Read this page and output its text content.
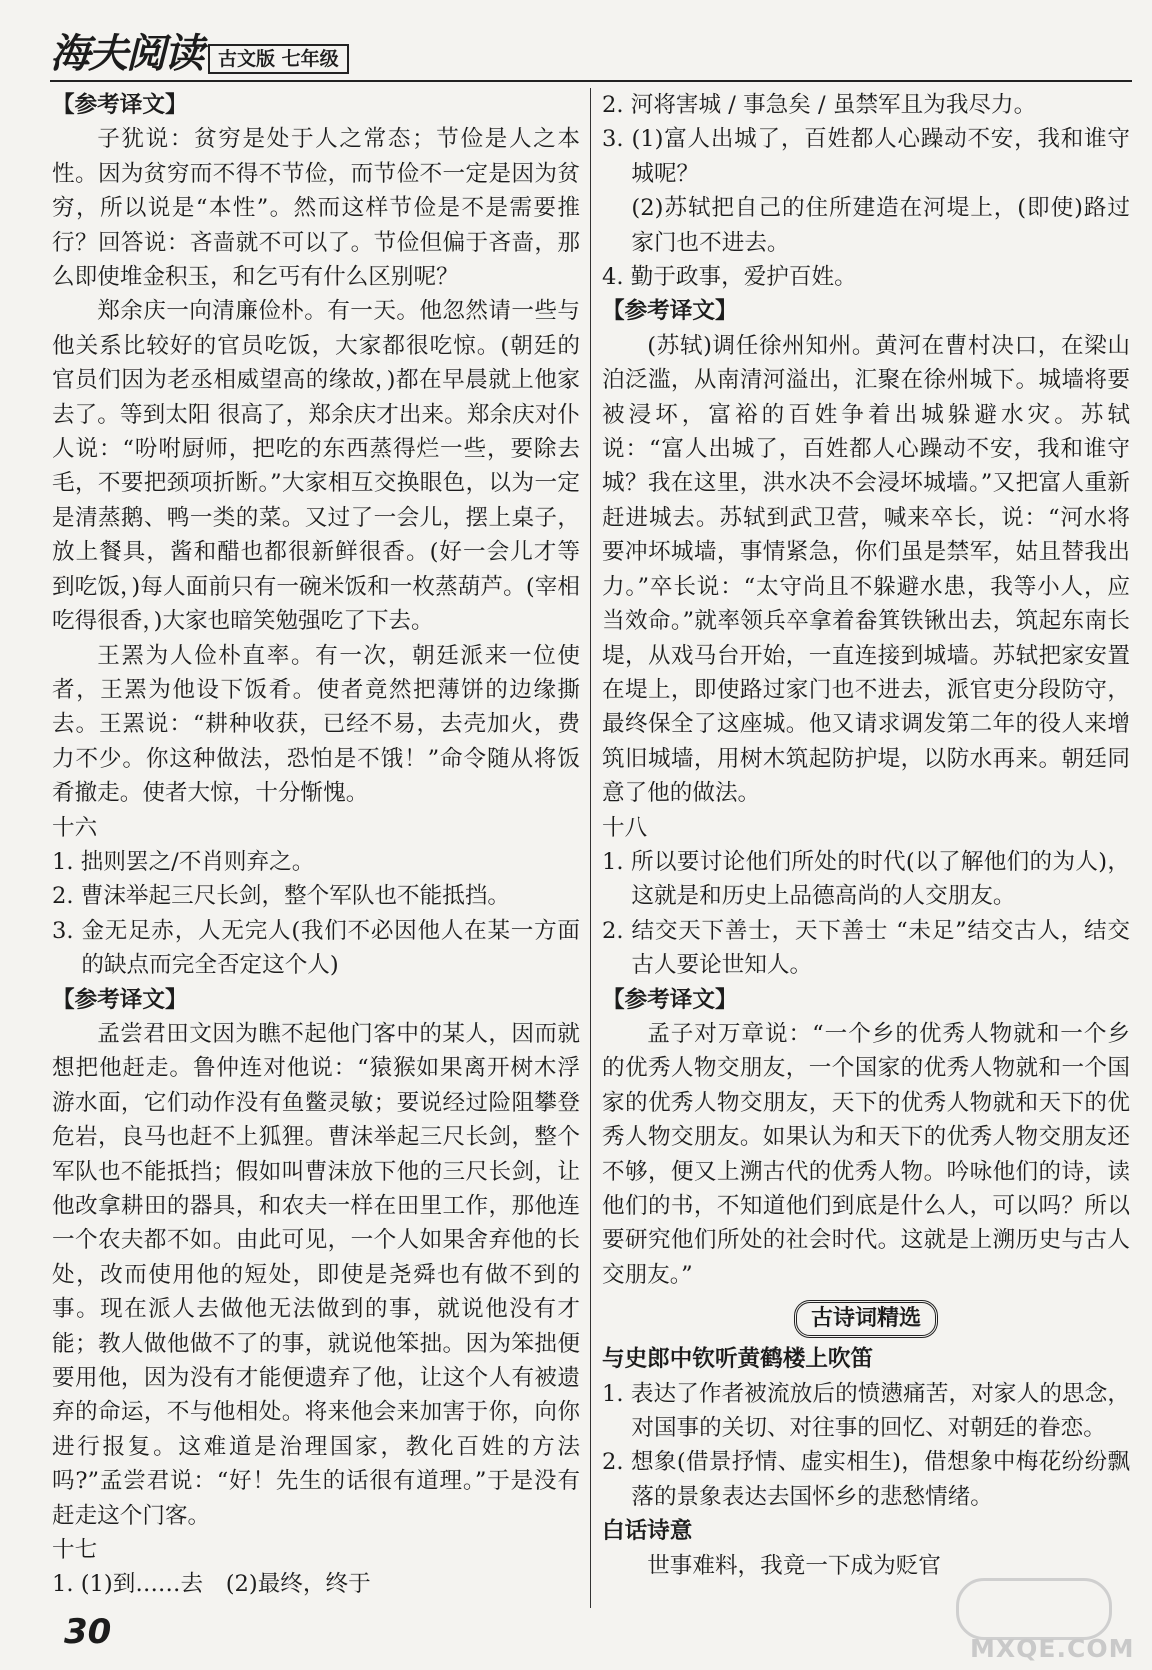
海夫阅读 古文版 七年级

【参考译文】

子犹说：贫穷是处于人之常态；节俭是人之本性。因为贫穷而不得不节俭，而节俭不一定是因为贫穷，所以说是“本性”。然而这样节俭是不是需要推行？回答说：吝啬就不可以了。节俭但偏于吝啬，那么即使堆金积玉，和乞丐有什么区别呢？

郑余庆一向清廉俭朴。有一天。他忽然请一些与他关系比较好的官员吃饭，大家都很吃惊。(朝廷的官员们因为老丞相威望高的缘故，)都在早晨就上他家去了。等到太阳 很高了，郑余庆才出来。郑余庆对仆人说：“吩咐厨师，把吃的东西蒸得烂一些，要除去毛，不要把颈项折断。”大家相互交换眼色，以为一定是清蒸鹅、鸭一类的菜。又过了一会儿，摆上桌子，放上餐具，酱和醋也都很新鲜很香。(好一会儿才等到吃饭，)每人面前只有一碗米饭和一枚蒸葫芦。(宰相吃得很香，)大家也暗笑勉强吃了下去。

王罴为人俭朴直率。有一次，朝廷派来一位使者，王罴为他设下饭肴。使者竟然把薄饼的边缘撕去。王罴说：“耕种收获，已经不易，去壳加火，费力不少。你这种做法，恐怕是不饿！”命令随从将饭肴撤走。使者大惊，十分惭愧。

十六

1. 拙则罢之/不肖则弃之。

2. 曹沫举起三尺长剑，整个军队也不能抵挡。

3. 金无足赤，人无完人(我们不必因他人在某一方面的缺点而完全否定这个人)

【参考译文】

孟尝君田文因为瞧不起他门客中的某人，因而就想把他赶走。鲁仲连对他说：“猿猴如果离开树木浮游水面，它们动作没有鱼鳖灵敏；要说经过险阻攀登危岩，良马也赶不上狐狸。曹沫举起三尺长剑，整个军队也不能抵挡；假如叫曹沫放下他的三尺长剑，让他改拿耕田的器具，和农夫一样在田里工作，那他连一个农夫都不如。由此可见，一个人如果舍弃他的长处，改而使用他的短处，即使是尧舜也有做不到的事。现在派人去做他无法做到的事，就说他没有才能；教人做他做不了的事，就说他笨拙。因为笨拙便要用他，因为没有才能便遗弃了他，让这个人有被遗弃的命运，不与他相处。将来他会来加害于你，向你进行报复。这难道是治理国家，教化百姓的方法吗?”孟尝君说：“好！先生的话很有道理。”于是没有赶走这个门客。

十七

1. (1)到……去　(2)最终，终于

2. 河将害城 / 事急矣 / 虽禁军且为我尽力。

3. (1)富人出城了，百姓都人心躁动不安，我和谁守城呢？

(2)苏轼把自己的住所建造在河堤上，(即使)路过家门也不进去。

4. 勤于政事，爱护百姓。

【参考译文】

(苏轼)调任徐州知州。黄河在曹村决口，在梁山泊泛滥，从南清河溢出，汇聚在徐州城下。城墙将要被浸坏，富裕的百姓争着出城躲避水灾。苏轼说：“富人出城了，百姓都人心躁动不安，我和谁守城？我在这里，洪水决不会浸坏城墙。”又把富人重新赶进城去。苏轼到武卫营，喊来卒长，说：“河水将要冲坏城墙，事情紧急，你们虽是禁军，姑且替我出力。”卒长说：“太守尚且不躲避水患，我等小人，应当效命。”就率领兵卒拿着畚箕铁锹出去，筑起东南长堤，从戏马台开始，一直连接到城墙。苏轼把家安置在堤上，即使路过家门也不进去，派官吏分段防守，最终保全了这座城。他又请求调发第二年的役人来增筑旧城墙，用树木筑起防护堤，以防水再来。朝廷同意了他的做法。

十八

1. 所以要讨论他们所处的时代(以了解他们的为人)，这就是和历史上品德高尚的人交朋友。

2. 结交天下善士，天下善士 “未足”结交古人，结交古人要论世知人。

【参考译文】

孟子对万章说：“一个乡的优秀人物就和一个乡的优秀人物交朋友，一个国家的优秀人物就和一个国家的优秀人物交朋友，天下的优秀人物就和天下的优秀人物交朋友。如果认为和天下的优秀人物交朋友还不够，便又上溯古代的优秀人物。吟咏他们的诗，读他们的书，不知道他们到底是什么人，可以吗？所以要研究他们所处的社会时代。这就是上溯历史与古人交朋友。”

古诗词精选

与史郎中钦听黄鹤楼上吹笛

1. 表达了作者被流放后的愤懑痛苦，对家人的思念，对国事的关切、对往事的回忆、对朝廷的眷恋。

2. 想象(借景抒情、虚实相生)，借想象中梅花纷纷飘落的景象表达去国怀乡的悲愁情绪。

白话诗意

世事难料，我竟一下成为贬官

30	MXQE.COM
